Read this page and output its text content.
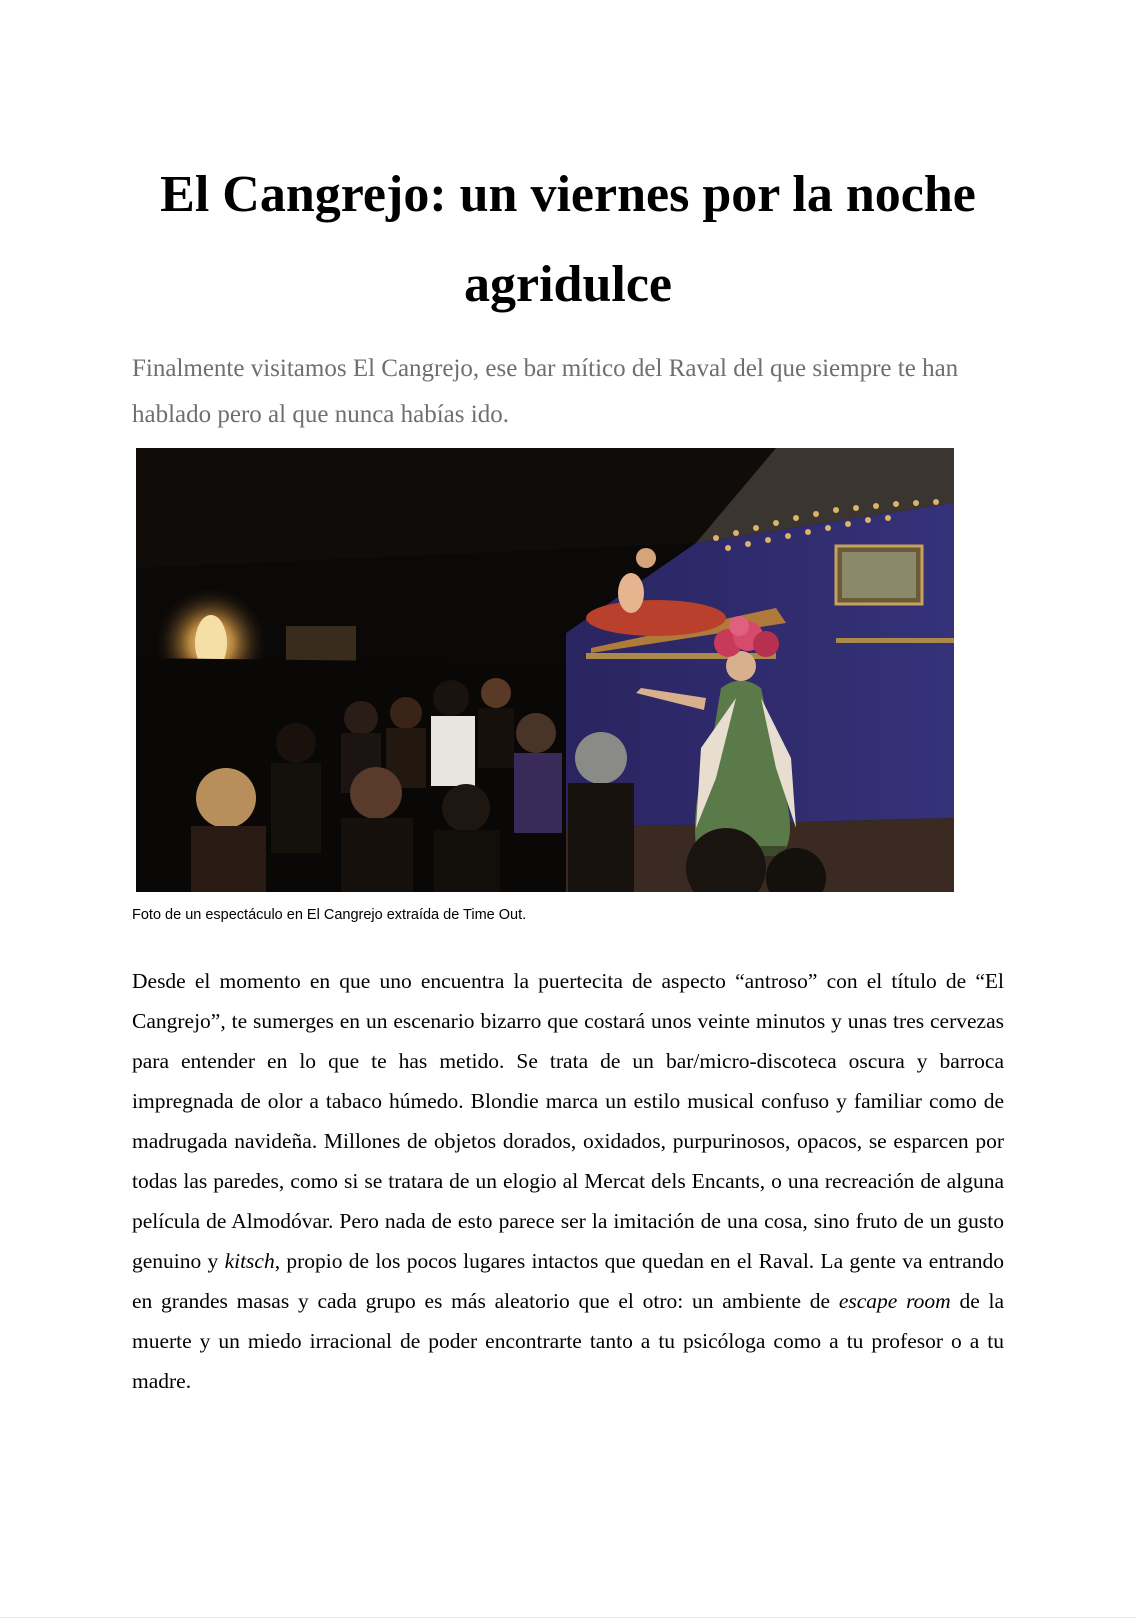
El Cangrejo: un viernes por la noche agridulce

Finalmente visitamos El Cangrejo, ese bar mítico del Raval del que siempre te hanhablado pero al que nunca habías ido.

Foto de un espectáculo en El Cangrejo extraída de Time Out.

Desde el momento en que uno encuentra la puertecita de aspecto “antroso” con el título de “El Cangrejo”, te sumerges en un escenario bizarro que costará unos veinte minutos y unas tres cervezas para entender en lo que te has metido. Se trata de un bar/micro-discoteca oscura y barroca impregnada de olor a tabaco húmedo. Blondie marca un estilo musical confuso y familiar como de madrugada navideña. Millones de objetos dorados, oxidados, purpurinosos, opacos, se esparcen por todas las paredes, como si se tratara de un elogio al Mercat dels Encants, o una recreación de alguna película de Almodóvar. Pero nada de esto parece ser la imitación de una cosa, sino fruto de un gusto genuino y kitsch, propio de los pocos lugares intactos que quedan en el Raval. La gente va entrando en grandes masas y cada grupo es más aleatorio que el otro: un ambiente de escape room de la muerte y un miedo irracional de poder encontrarte tanto a tu psicóloga como a tu profesor o a tu madre.
